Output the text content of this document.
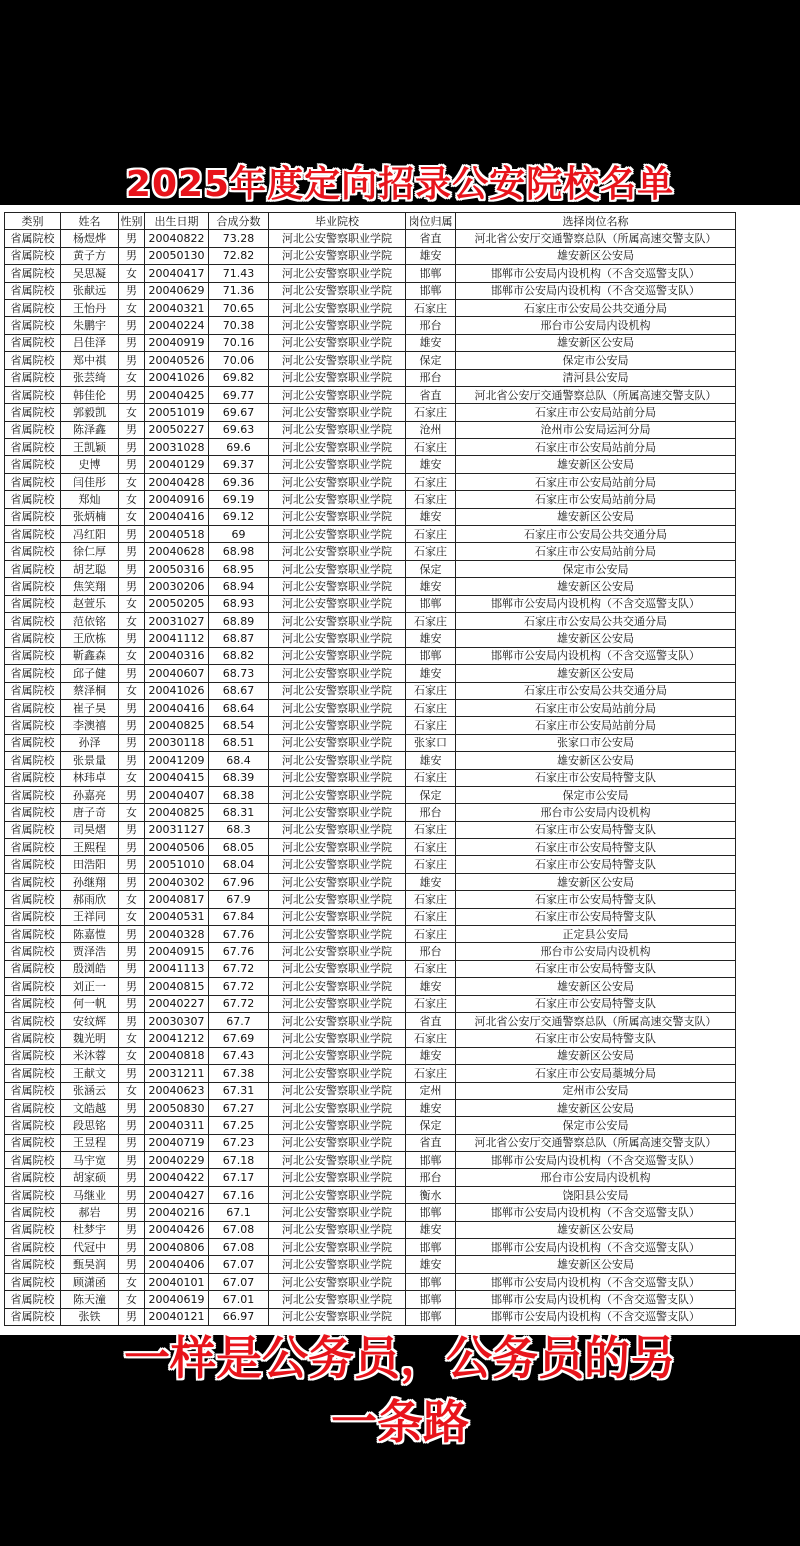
2025年度定向招录公安院校名单
类别	姓名	性别	出生日期	合成分数	毕业院校	岗位归属	选择岗位名称
省属院校	杨煜烨	男	20040822	73.28	河北公安警察职业学院	省直	河北省公安厅交通警察总队（所属高速交警支队）
省属院校	黄子方	男	20050130	72.82	河北公安警察职业学院	雄安	雄安新区公安局
省属院校	吴思凝	女	20040417	71.43	河北公安警察职业学院	邯郸	邯郸市公安局内设机构（不含交巡警支队）
省属院校	张献远	男	20040629	71.36	河北公安警察职业学院	邯郸	邯郸市公安局内设机构（不含交巡警支队）
省属院校	王怡丹	女	20040321	70.65	河北公安警察职业学院	石家庄	石家庄市公安局公共交通分局
省属院校	朱鹏宇	男	20040224	70.38	河北公安警察职业学院	邢台	邢台市公安局内设机构
省属院校	吕佳泽	男	20040919	70.16	河北公安警察职业学院	雄安	雄安新区公安局
省属院校	郑中祺	男	20040526	70.06	河北公安警察职业学院	保定	保定市公安局
省属院校	张芸绮	女	20041026	69.82	河北公安警察职业学院	邢台	清河县公安局
省属院校	韩佳伦	男	20040425	69.77	河北公安警察职业学院	省直	河北省公安厅交通警察总队（所属高速交警支队）
省属院校	郭毅凯	女	20051019	69.67	河北公安警察职业学院	石家庄	石家庄市公安局站前分局
省属院校	陈泽鑫	男	20050227	69.63	河北公安警察职业学院	沧州	沧州市公安局运河分局
省属院校	王凯颖	男	20031028	69.6	河北公安警察职业学院	石家庄	石家庄市公安局站前分局
省属院校	史博	男	20040129	69.37	河北公安警察职业学院	雄安	雄安新区公安局
省属院校	闫佳彤	女	20040428	69.36	河北公安警察职业学院	石家庄	石家庄市公安局站前分局
省属院校	郑灿	女	20040916	69.19	河北公安警察职业学院	石家庄	石家庄市公安局站前分局
省属院校	张炳楠	女	20040416	69.12	河北公安警察职业学院	雄安	雄安新区公安局
省属院校	冯红阳	男	20040518	69	河北公安警察职业学院	石家庄	石家庄市公安局公共交通分局
省属院校	徐仁厚	男	20040628	68.98	河北公安警察职业学院	石家庄	石家庄市公安局站前分局
省属院校	胡艺聪	男	20050316	68.95	河北公安警察职业学院	保定	保定市公安局
省属院校	焦笑翔	男	20030206	68.94	河北公安警察职业学院	雄安	雄安新区公安局
省属院校	赵萱乐	女	20050205	68.93	河北公安警察职业学院	邯郸	邯郸市公安局内设机构（不含交巡警支队）
省属院校	范依铭	女	20031027	68.89	河北公安警察职业学院	石家庄	石家庄市公安局公共交通分局
省属院校	王欣栋	男	20041112	68.87	河北公安警察职业学院	雄安	雄安新区公安局
省属院校	靳鑫森	女	20040316	68.82	河北公安警察职业学院	邯郸	邯郸市公安局内设机构（不含交巡警支队）
省属院校	邱子健	男	20040607	68.73	河北公安警察职业学院	雄安	雄安新区公安局
省属院校	蔡泽桐	女	20041026	68.67	河北公安警察职业学院	石家庄	石家庄市公安局公共交通分局
省属院校	崔子昊	男	20040416	68.64	河北公安警察职业学院	石家庄	石家庄市公安局站前分局
省属院校	李澳禧	男	20040825	68.54	河北公安警察职业学院	石家庄	石家庄市公安局站前分局
省属院校	孙泽	男	20030118	68.51	河北公安警察职业学院	张家口	张家口市公安局
省属院校	张景量	男	20041209	68.4	河北公安警察职业学院	雄安	雄安新区公安局
省属院校	林玮卓	女	20040415	68.39	河北公安警察职业学院	石家庄	石家庄市公安局特警支队
省属院校	孙嘉亮	男	20040407	68.38	河北公安警察职业学院	保定	保定市公安局
省属院校	唐子奇	女	20040825	68.31	河北公安警察职业学院	邢台	邢台市公安局内设机构
省属院校	司昊熠	男	20031127	68.3	河北公安警察职业学院	石家庄	石家庄市公安局特警支队
省属院校	王熙程	男	20040506	68.05	河北公安警察职业学院	石家庄	石家庄市公安局特警支队
省属院校	田浩阳	男	20051010	68.04	河北公安警察职业学院	石家庄	石家庄市公安局特警支队
省属院校	孙继翔	男	20040302	67.96	河北公安警察职业学院	雄安	雄安新区公安局
省属院校	郝雨欣	女	20040817	67.9	河北公安警察职业学院	石家庄	石家庄市公安局特警支队
省属院校	王祥同	女	20040531	67.84	河北公安警察职业学院	石家庄	石家庄市公安局特警支队
省属院校	陈嘉愷	男	20040328	67.76	河北公安警察职业学院	石家庄	正定县公安局
省属院校	贾泽浩	男	20040915	67.76	河北公安警察职业学院	邢台	邢台市公安局内设机构
省属院校	殷浏皓	男	20041113	67.72	河北公安警察职业学院	石家庄	石家庄市公安局特警支队
省属院校	刘正一	男	20040815	67.72	河北公安警察职业学院	雄安	雄安新区公安局
省属院校	何一帆	男	20040227	67.72	河北公安警察职业学院	石家庄	石家庄市公安局特警支队
省属院校	安纹辉	男	20030307	67.7	河北公安警察职业学院	省直	河北省公安厅交通警察总队（所属高速交警支队）
省属院校	魏光明	女	20041212	67.69	河北公安警察职业学院	石家庄	石家庄市公安局特警支队
省属院校	米沐蓉	女	20040818	67.43	河北公安警察职业学院	雄安	雄安新区公安局
省属院校	王献文	男	20031211	67.38	河北公安警察职业学院	石家庄	石家庄市公安局藁城分局
省属院校	张涵云	女	20040623	67.31	河北公安警察职业学院	定州	定州市公安局
省属院校	文皓越	男	20050830	67.27	河北公安警察职业学院	雄安	雄安新区公安局
省属院校	段思铭	男	20040311	67.25	河北公安警察职业学院	保定	保定市公安局
省属院校	王昱程	男	20040719	67.23	河北公安警察职业学院	省直	河北省公安厅交通警察总队（所属高速交警支队）
省属院校	马宇宽	男	20040229	67.18	河北公安警察职业学院	邯郸	邯郸市公安局内设机构（不含交巡警支队）
省属院校	胡家硕	男	20040422	67.17	河北公安警察职业学院	邢台	邢台市公安局内设机构
省属院校	马继业	男	20040427	67.16	河北公安警察职业学院	衡水	饶阳县公安局
省属院校	郝岩	男	20040216	67.1	河北公安警察职业学院	邯郸	邯郸市公安局内设机构（不含交巡警支队）
省属院校	杜梦宇	男	20040426	67.08	河北公安警察职业学院	雄安	雄安新区公安局
省属院校	代冠中	男	20040806	67.08	河北公安警察职业学院	邯郸	邯郸市公安局内设机构（不含交巡警支队）
省属院校	甄昊润	男	20040406	67.07	河北公安警察职业学院	雄安	雄安新区公安局
省属院校	顾潇函	女	20040101	67.07	河北公安警察职业学院	邯郸	邯郸市公安局内设机构（不含交巡警支队）
省属院校	陈天潼	女	20040619	67.01	河北公安警察职业学院	邯郸	邯郸市公安局内设机构（不含交巡警支队）
省属院校	张铁	男	20040121	66.97	河北公安警察职业学院	邯郸	邯郸市公安局内设机构（不含交巡警支队）
一样是公务员，公务员的另
一条路
